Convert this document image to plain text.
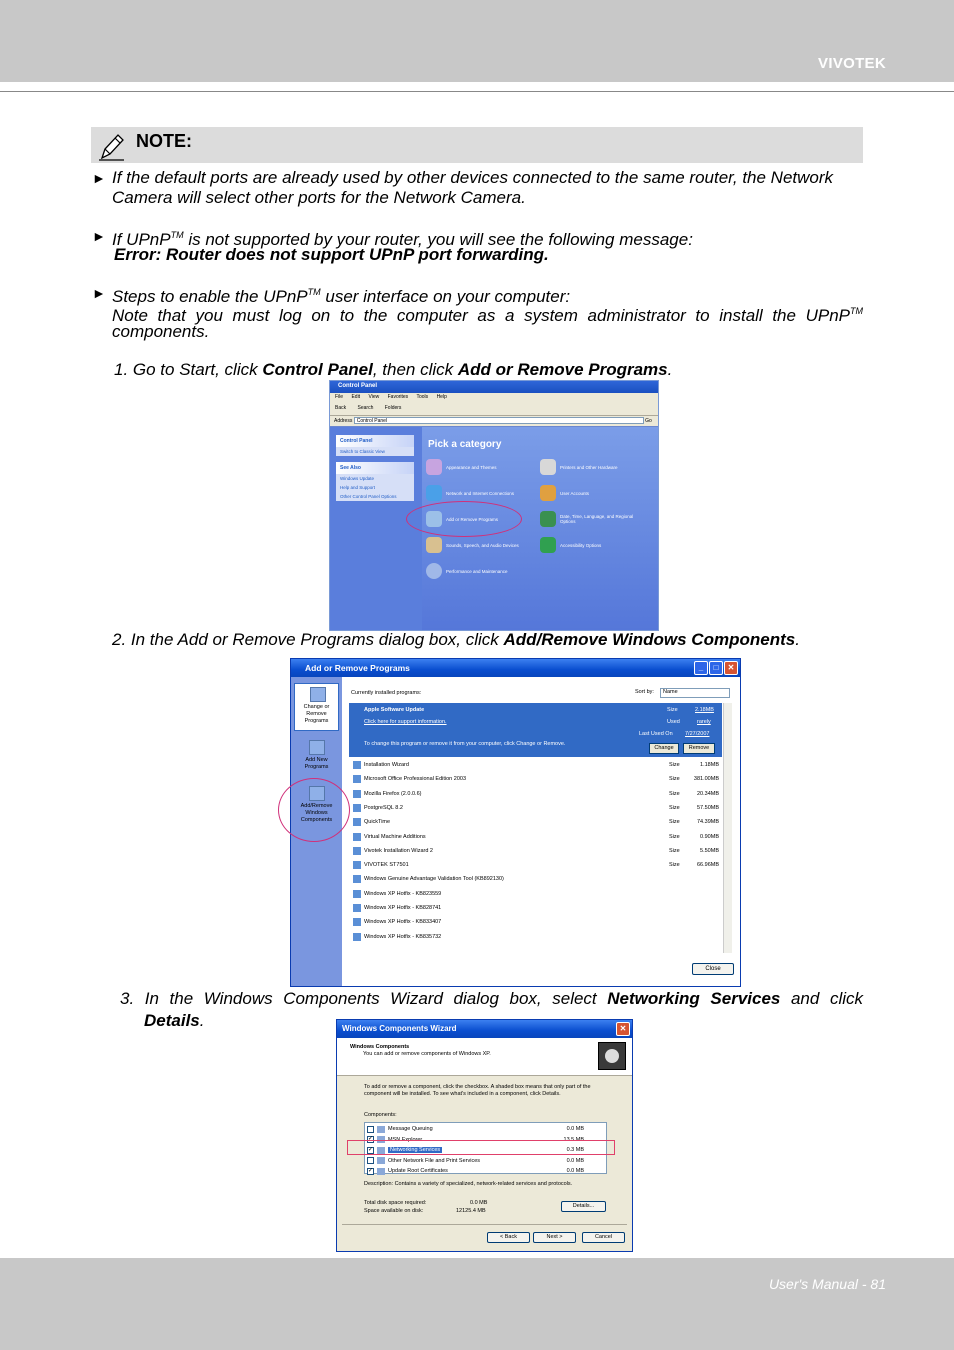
VIVOTEK
NOTE:
► If the default ports are already used by other devices connected to the same router, the Network
Camera will select other ports for the Network Camera.
► If UPnP™ is not supported by your router, you will see the following message:
Error: Router does not support UPnP port forwarding.
► Steps to enable the UPnP™ user interface on your computer:
Note that you must log on to the computer as a system administrator to install the UPnP™
components.
1. Go to Start, click Control Panel, then click Add or Remove Programs.
Control Panel
File Edit View Favorites Tools Help
Back Search Folders
Address Control Panel	Go
Control Panel
Switch to Classic View
See Also
Windows Update
Help and Support
Other Control Panel Options
Pick a category
Appearance and Themes	Printers and Other Hardware
Network and Internet Connections	User Accounts
Add or Remove Programs	Date, Time, Language, and Regional Options
Sounds, Speech, and Audio Devices	Accessibility Options
Performance and Maintenance
2. In the Add or Remove Programs dialog box, click Add/Remove Windows Components.
Add or Remove Programs	_	□	✕
Change or Remove Programs
Add New Programs
Add/Remove Windows Components
Currently installed programs:	Sort by:	Name
Apple Software Update
Click here for support information.
To change this program or remove it from your computer, click Change or Remove.
Size	2.18MB
Used	rarely
Last Used On 7/27/2007
Change	Remove
Installation Wizard	Size	1.18MB
Microsoft Office Professional Edition 2003	Size	381.00MB
Mozilla Firefox (2.0.0.6)	Size	20.34MB
PostgreSQL 8.2	Size	57.50MB
QuickTime	Size	74.39MB
Virtual Machine Additions	Size	0.90MB
Vivotek Installation Wizard 2	Size	5.50MB
VIVOTEK ST7501	Size	66.96MB
Windows Genuine Advantage Validation Tool (KB892130)
Windows XP Hotfix - KB823559
Windows XP Hotfix - KB828741
Windows XP Hotfix - KB833407
Windows XP Hotfix - KB835732
Close
3. In the Windows Components Wizard dialog box, select Networking Services and click
Details.	Windows Components Wizard	✕
Windows Components
You can add or remove components of Windows XP.
To add or remove a component, click the checkbox. A shaded box means that only part of the component will be installed. To see what's included in a component, click Details.
Components:
Message Queuing	0.0 MB
✓	MSN Explorer	13.5 MB
✓	Networking Services	0.3 MB
Other Network File and Print Services	0.0 MB
✓	Update Root Certificates	0.0 MB
Description: Contains a variety of specialized, network-related services and protocols.
Total disk space required:	0.0 MB
Space available on disk:	12125.4 MB
Details...
< Back	Next >	Cancel
User's Manual - 81
